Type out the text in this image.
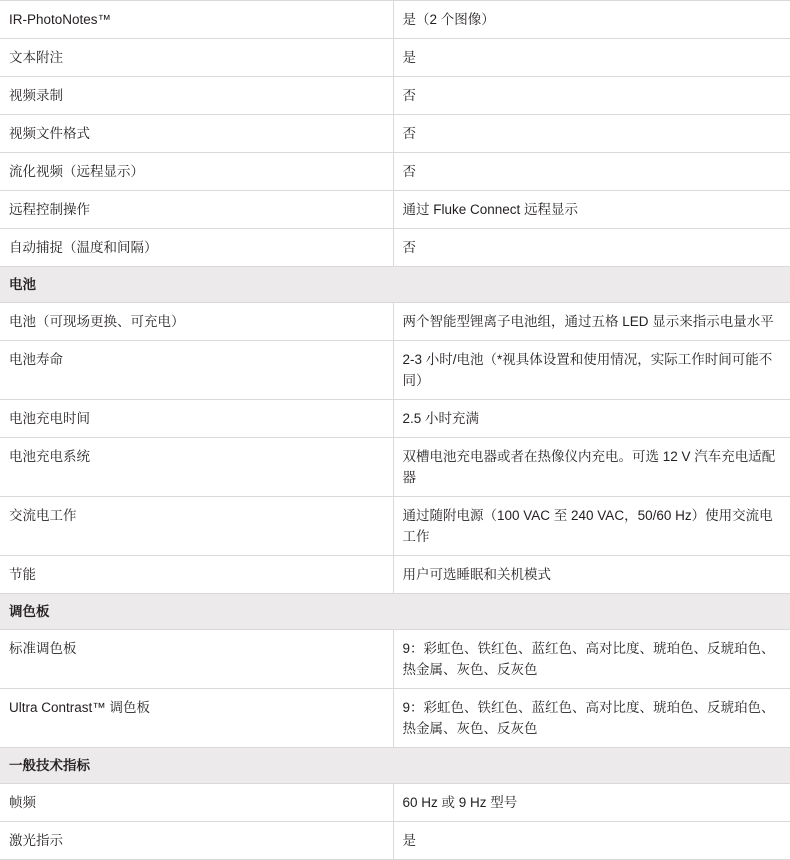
IR-PhotoNotes™	是（2 个图像）
文本附注	是
视频录制	否
视频文件格式	否
流化视频（远程显示）	否
远程控制操作	通过 Fluke Connect 远程显示
自动捕捉（温度和间隔）	否
电池	
电池（可现场更换、可充电）	两个智能型锂离子电池组，通过五格 LED 显示来指示电量水平
电池寿命	2-3 小时/电池（*视具体设置和使用情况，实际工作时间可能不同）
电池充电时间	2.5 小时充满
电池充电系统	双槽电池充电器或者在热像仪内充电。可选 12 V 汽车充电适配器
交流电工作	通过随附电源（100 VAC 至 240 VAC，50/60 Hz）使用交流电工作
节能	用户可选睡眠和关机模式
调色板	
标准调色板	9：彩虹色、铁红色、蓝红色、高对比度、琥珀色、反琥珀色、热金属、灰色、反灰色
Ultra Contrast™ 调色板	9：彩虹色、铁红色、蓝红色、高对比度、琥珀色、反琥珀色、热金属、灰色、反灰色
一般技术指标	
帧频	60 Hz 或 9 Hz 型号
激光指示	是
